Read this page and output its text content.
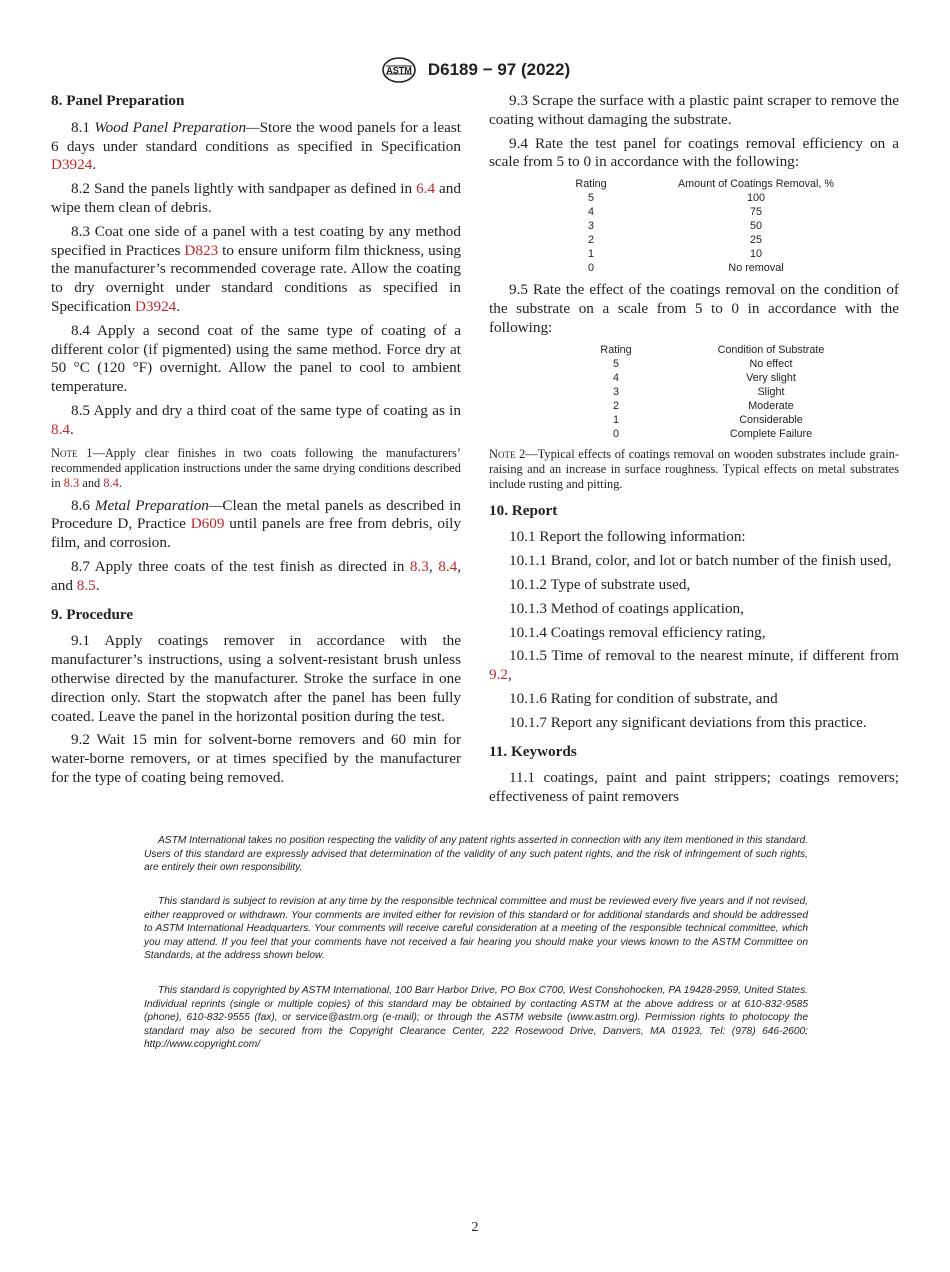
ASTM D6189 − 97 (2022)
8. Panel Preparation

8.1 Wood Panel Preparation—Store the wood panels for a least 6 days under standard conditions as specified in Specification D3924.

8.2 Sand the panels lightly with sandpaper as defined in 6.4 and wipe them clean of debris.

8.3 Coat one side of a panel with a test coating by any method specified in Practices D823 to ensure uniform film thickness, using the manufacturer’s recommended coverage rate. Allow the coating to dry overnight under standard conditions as specified in Specification D3924.

8.4 Apply a second coat of the same type of coating of a different color (if pigmented) using the same method. Force dry at 50 °C (120 °F) overnight. Allow the panel to cool to ambient temperature.

8.5 Apply and dry a third coat of the same type of coating as in 8.4.

Note 1—Apply clear finishes in two coats following the manufacturers’ recommended application instructions under the same drying conditions described in 8.3 and 8.4.

8.6 Metal Preparation—Clean the metal panels as described in Procedure D, Practice D609 until panels are free from debris, oily film, and corrosion.

8.7 Apply three coats of the test finish as directed in 8.3, 8.4, and 8.5.

9. Procedure

9.1 Apply coatings remover in accordance with the manufacturer’s instructions, using a solvent-resistant brush unless otherwise directed by the manufacturer. Stroke the surface in one direction only. Start the stopwatch after the panel has been fully coated. Leave the panel in the horizontal position during the test.

9.2 Wait 15 min for solvent-borne removers and 60 min for water-borne removers, or at times specified by the manufacturer for the type of coating being removed.

9.3 Scrape the surface with a plastic paint scraper to remove the coating without damaging the substrate.

9.4 Rate the test panel for coatings removal efficiency on a scale from 5 to 0 in accordance with the following:

Rating	Amount of Coatings Removal, %
5	100
4	75
3	50
2	25
1	10
0	No removal

9.5 Rate the effect of the coatings removal on the condition of the substrate on a scale from 5 to 0 in accordance with the following:

Rating	Condition of Substrate
5	No effect
4	Very slight
3	Slight
2	Moderate
1	Considerable
0	Complete Failure

Note 2—Typical effects of coatings removal on wooden substrates include grain-raising and an increase in surface roughness. Typical effects on metal substrates include rusting and pitting.

10. Report

10.1 Report the following information:

10.1.1 Brand, color, and lot or batch number of the finish used,

10.1.2 Type of substrate used,

10.1.3 Method of coatings application,

10.1.4 Coatings removal efficiency rating,

10.1.5 Time of removal to the nearest minute, if different from 9.2,

10.1.6 Rating for condition of substrate, and

10.1.7 Report any significant deviations from this practice.

11. Keywords

11.1 coatings, paint and paint strippers; coatings removers; effectiveness of paint removers

ASTM International takes no position respecting the validity of any patent rights asserted in connection with any item mentioned in this standard. Users of this standard are expressly advised that determination of the validity of any such patent rights, and the risk of infringement of such rights, are entirely their own responsibility.

This standard is subject to revision at any time by the responsible technical committee and must be reviewed every five years and if not revised, either reapproved or withdrawn. Your comments are invited either for revision of this standard or for additional standards and should be addressed to ASTM International Headquarters. Your comments will receive careful consideration at a meeting of the responsible technical committee, which you may attend. If you feel that your comments have not received a fair hearing you should make your views known to the ASTM Committee on Standards, at the address shown below.

This standard is copyrighted by ASTM International, 100 Barr Harbor Drive, PO Box C700, West Conshohocken, PA 19428-2959, United States. Individual reprints (single or multiple copies) of this standard may be obtained by contacting ASTM at the above address or at 610-832-9585 (phone), 610-832-9555 (fax), or service@astm.org (e-mail); or through the ASTM website (www.astm.org). Permission rights to photocopy the standard may also be secured from the Copyright Clearance Center, 222 Rosewood Drive, Danvers, MA 01923, Tel: (978) 646-2600; http://www.copyright.com/

2
